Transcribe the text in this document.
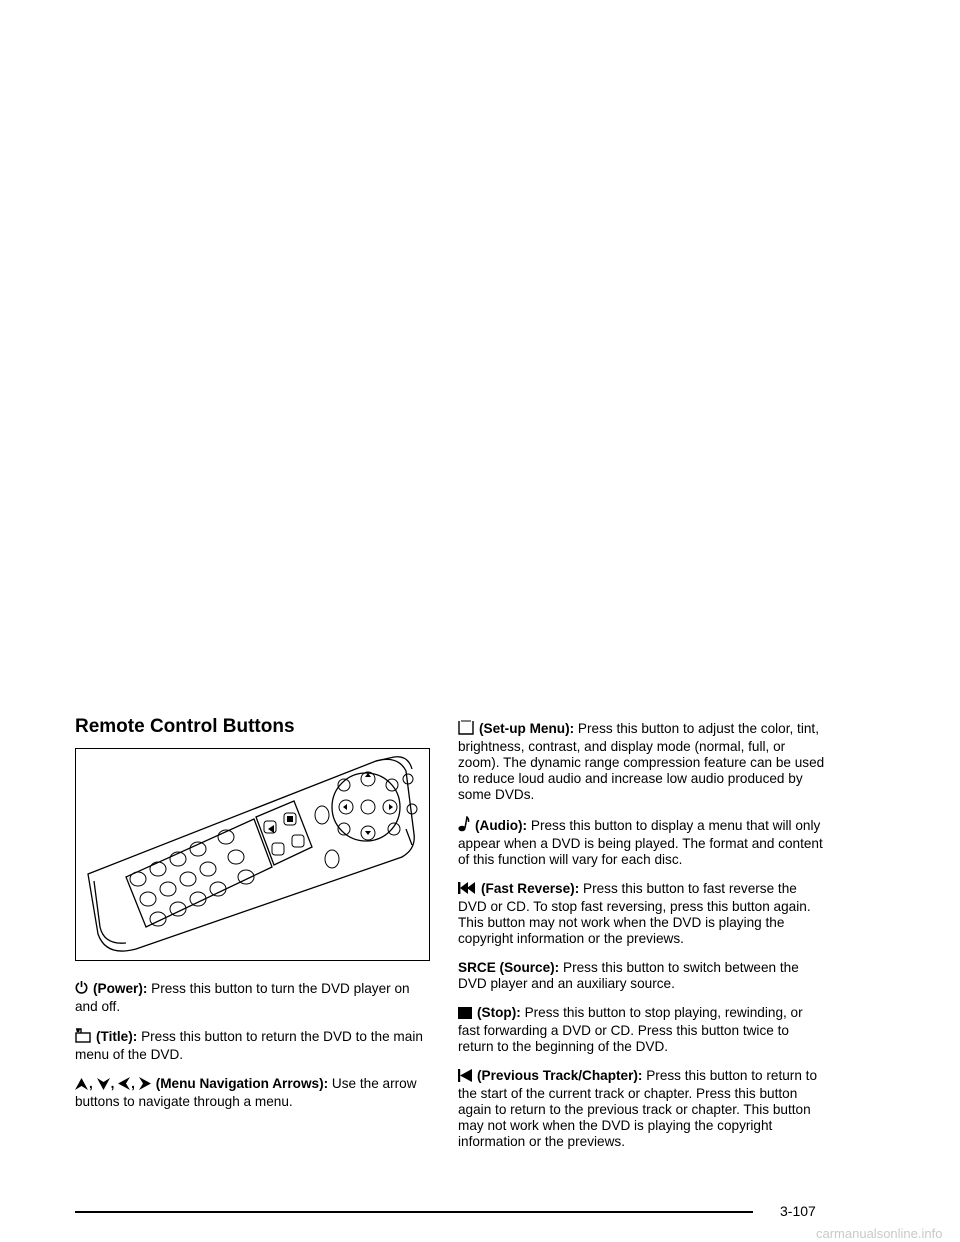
Remote Control Buttons

(Power): Press this button to turn the DVD player on and off.

(Title): Press this button to return the DVD to the main menu of the DVD.

, , , (Menu Navigation Arrows): Use the arrow buttons to navigate through a menu.

(Set-up Menu): Press this button to adjust the color, tint, brightness, contrast, and display mode (normal, full, or zoom). The dynamic range compression feature can be used to reduce loud audio and increase low audio produced by some DVDs.

(Audio): Press this button to display a menu that will only appear when a DVD is being played. The format and content of this function will vary for each disc.

(Fast Reverse): Press this button to fast reverse the DVD or CD. To stop fast reversing, press this button again. This button may not work when the DVD is playing the copyright information or the previews.

SRCE (Source): Press this button to switch between the DVD player and an auxiliary source.

(Stop): Press this button to stop playing, rewinding, or fast forwarding a DVD or CD. Press this button twice to return to the beginning of the DVD.

(Previous Track/Chapter): Press this button to return to the start of the current track or chapter. Press this button again to return to the previous track or chapter. This button may not work when the DVD is playing the copyright information or the previews.

3-107
carmanualsonline.info
